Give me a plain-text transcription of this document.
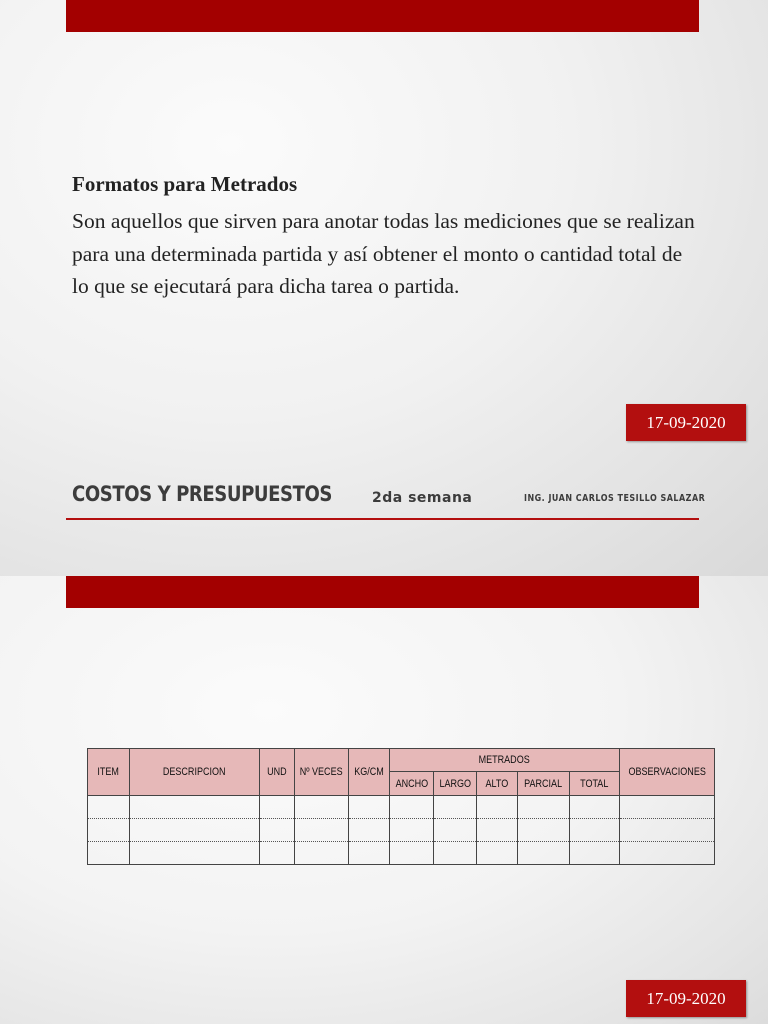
Formatos para Metrados
Son aquellos que sirven para anotar todas las mediciones que se realizan para una determinada partida y así obtener el monto o cantidad total de lo que se ejecutará para dicha tarea o partida.
17-09-2020
COSTOS Y PRESUPUESTOS	2da semana	ING. JUAN CARLOS TESILLO SALAZAR
ITEM	DESCRIPCION	UND	Nº VECES	KG/CM	METRADOS					OBSERVACIONES
					ANCHO	LARGO	ALTO	PARCIAL	TOTAL	

17-09-2020
